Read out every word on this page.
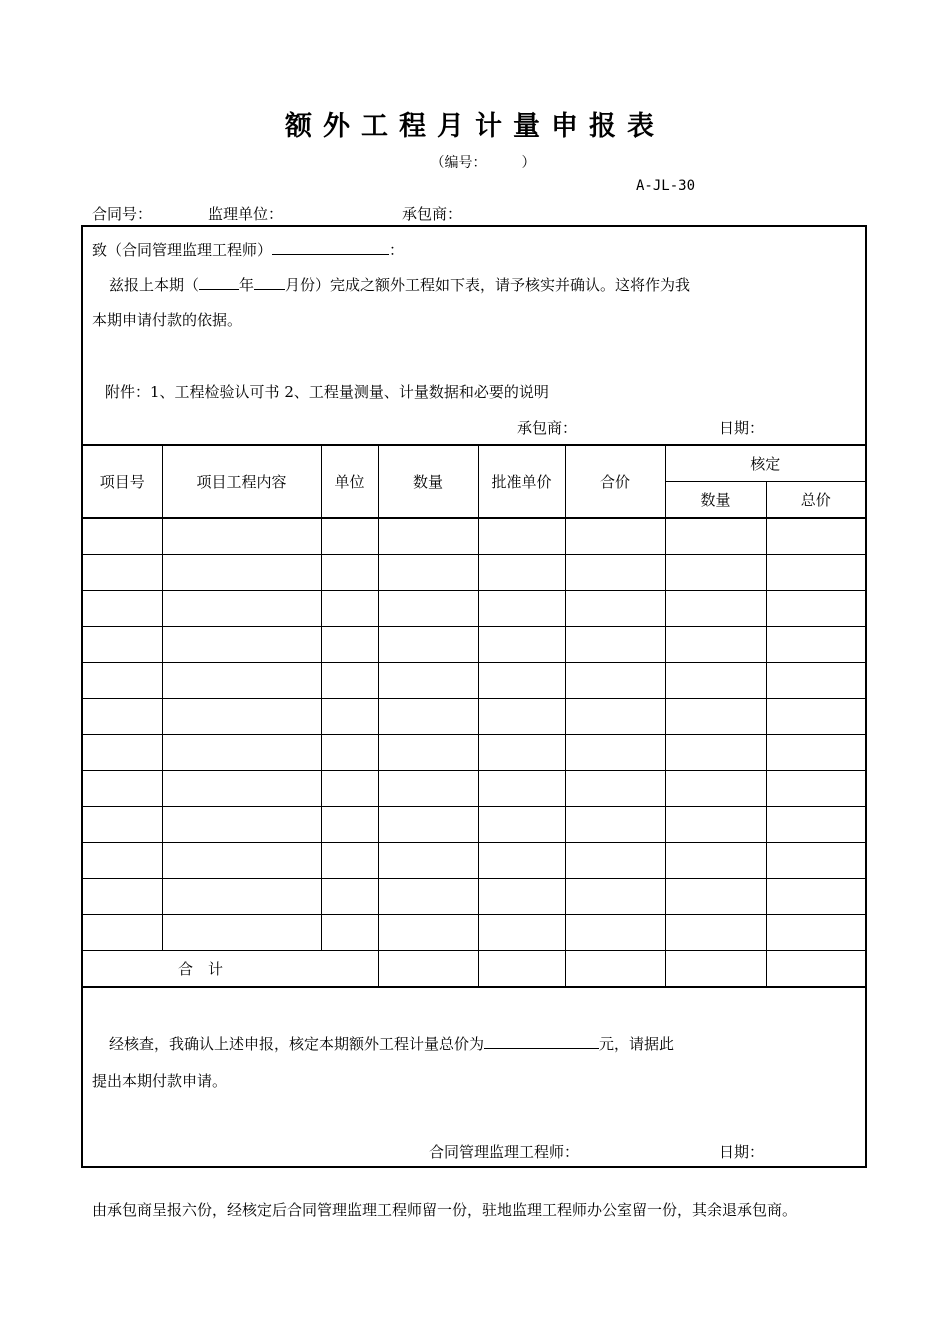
额外工程月计量申报表
（编号：　　　）
A-JL-30
合同号：	监理单位：	承包商：
致（合同管理监理工程师）	：
兹报上本期（	年 月份）完成之额外工程如下表，请予核实并确认。这将作为我
本期申请付款的依据。
附件：1、工程检验认可书 2、工程量测量、计量数据和必要的说明
承包商：	日期：
项目号	项目工程内容	单位	数量	批准单价	合价	核定	
						数量	总价

合　计							
经核查，我确认上述申报，核定本期额外工程计量总价为	元，请据此
提出本期付款申请。
合同管理监理工程师：	日期：
由承包商呈报六份，经核定后合同管理监理工程师留一份，驻地监理工程师办公室留一份，其余退承包商。
